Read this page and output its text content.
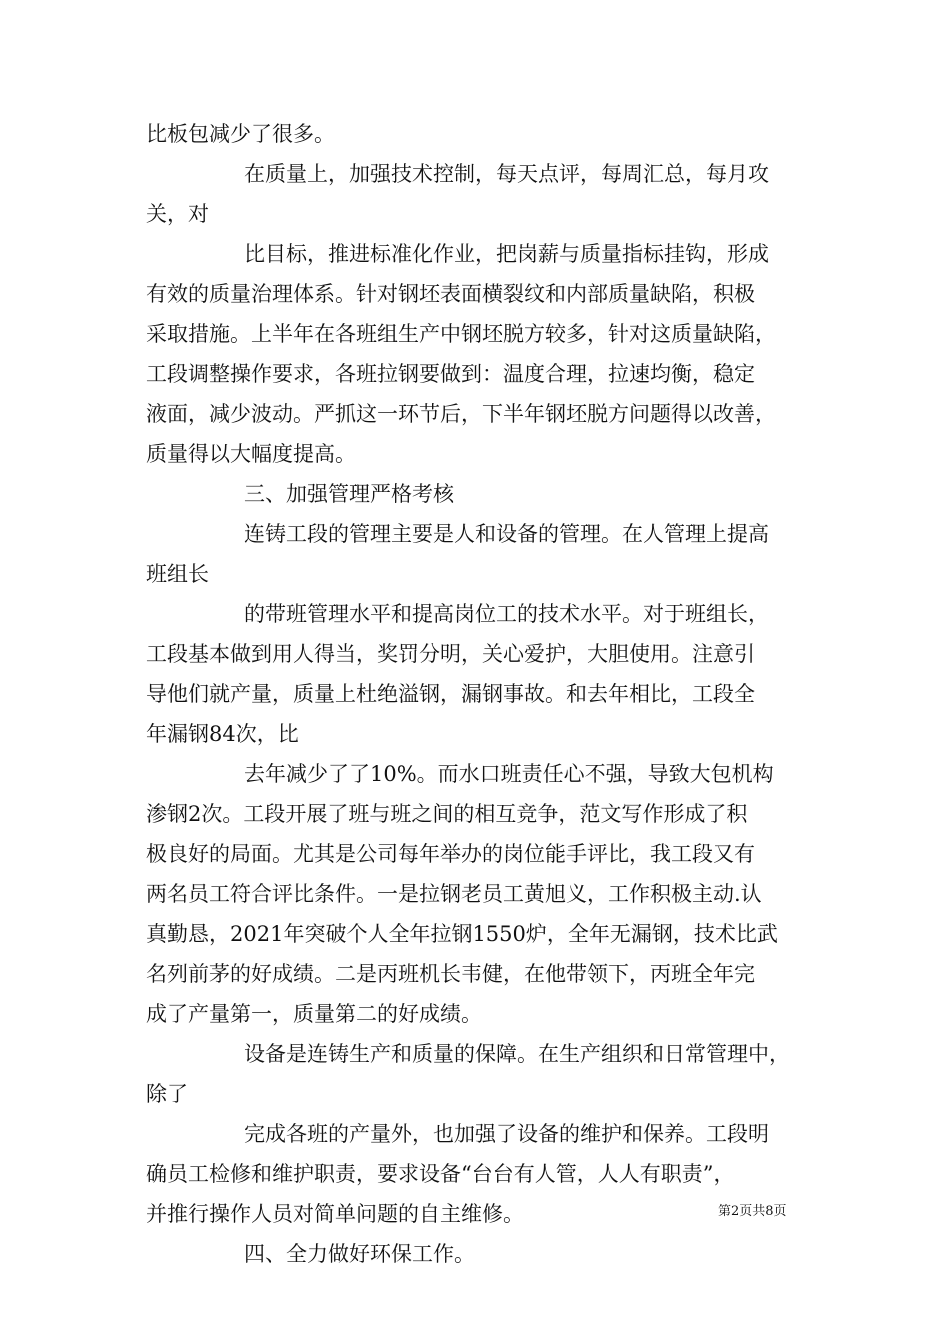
比板包减少了很多。

在质量上，加强技术控制，每天点评，每周汇总，每月攻

关，对

比目标，推进标准化作业，把岗薪与质量指标挂钩，形成

有效的质量治理体系。针对钢坯表面横裂纹和内部质量缺陷，积极

采取措施。上半年在各班组生产中钢坯脱方较多，针对这质量缺陷，

工段调整操作要求，各班拉钢要做到：温度合理，拉速均衡，稳定

液面，减少波动。严抓这一环节后，下半年钢坯脱方问题得以改善，

质量得以大幅度提高。

三、加强管理严格考核

连铸工段的管理主要是人和设备的管理。在人管理上提高

班组长

的带班管理水平和提高岗位工的技术水平。对于班组长，

工段基本做到用人得当，奖罚分明，关心爱护，大胆使用。注意引

导他们就产量，质量上杜绝溢钢，漏钢事故。和去年相比，工段全

年漏钢84次，比

去年减少了了10%。而水口班责任心不强，导致大包机构

渗钢2次。工段开展了班与班之间的相互竞争，范文写作形成了积

极良好的局面。尤其是公司每年举办的岗位能手评比，我工段又有

两名员工符合评比条件。一是拉钢老员工黄旭义，工作积极主动.认

真勤恳，2021年突破个人全年拉钢1550炉，全年无漏钢，技术比武

名列前茅的好成绩。二是丙班机长韦健，在他带领下，丙班全年完

成了产量第一，质量第二的好成绩。

设备是连铸生产和质量的保障。在生产组织和日常管理中，

除了

完成各班的产量外，也加强了设备的维护和保养。工段明

确员工检修和维护职责，要求设备“台台有人管，人人有职责”，

并推行操作人员对简单问题的自主维修。

四、全力做好环保工作。

第2页共8页
